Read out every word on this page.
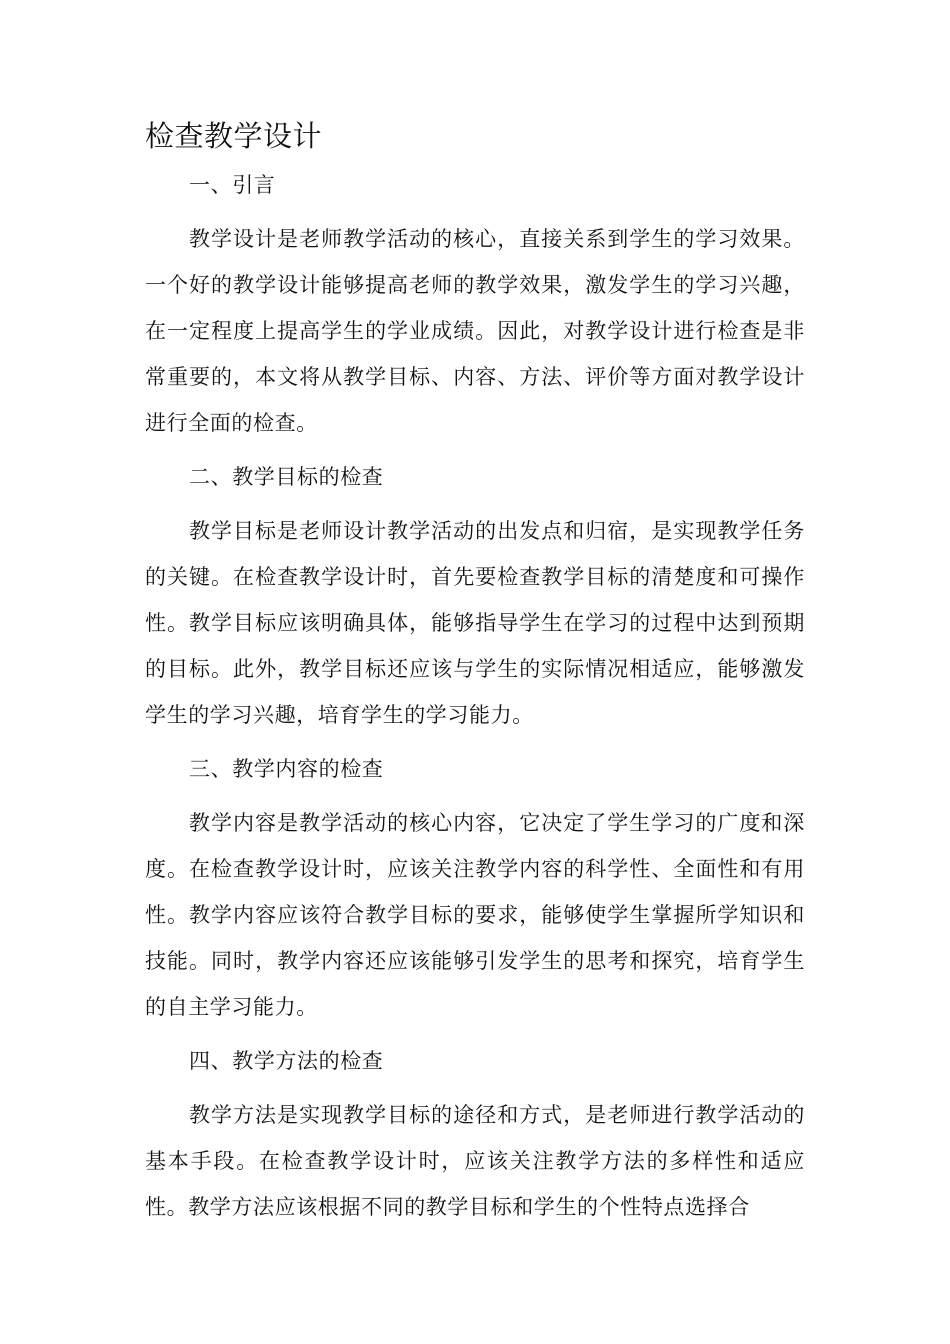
检查教学设计

一、引言

教学设计是老师教学活动的核心，直接关系到学生的学习效果。一个好的教学设计能够提高老师的教学效果，激发学生的学习兴趣，在一定程度上提高学生的学业成绩。因此，对教学设计进行检查是非常重要的，本文将从教学目标、内容、方法、评价等方面对教学设计进行全面的检查。

二、教学目标的检查

教学目标是老师设计教学活动的出发点和归宿，是实现教学任务的关键。在检查教学设计时，首先要检查教学目标的清楚度和可操作性。教学目标应该明确具体，能够指导学生在学习的过程中达到预期的目标。此外，教学目标还应该与学生的实际情况相适应，能够激发学生的学习兴趣，培育学生的学习能力。

三、教学内容的检查

教学内容是教学活动的核心内容，它决定了学生学习的广度和深度。在检查教学设计时，应该关注教学内容的科学性、全面性和有用性。教学内容应该符合教学目标的要求，能够使学生掌握所学知识和技能。同时，教学内容还应该能够引发学生的思考和探究，培育学生的自主学习能力。

四、教学方法的检查

教学方法是实现教学目标的途径和方式，是老师进行教学活动的基本手段。在检查教学设计时，应该关注教学方法的多样性和适应性。教学方法应该根据不同的教学目标和学生的个性特点选择合
